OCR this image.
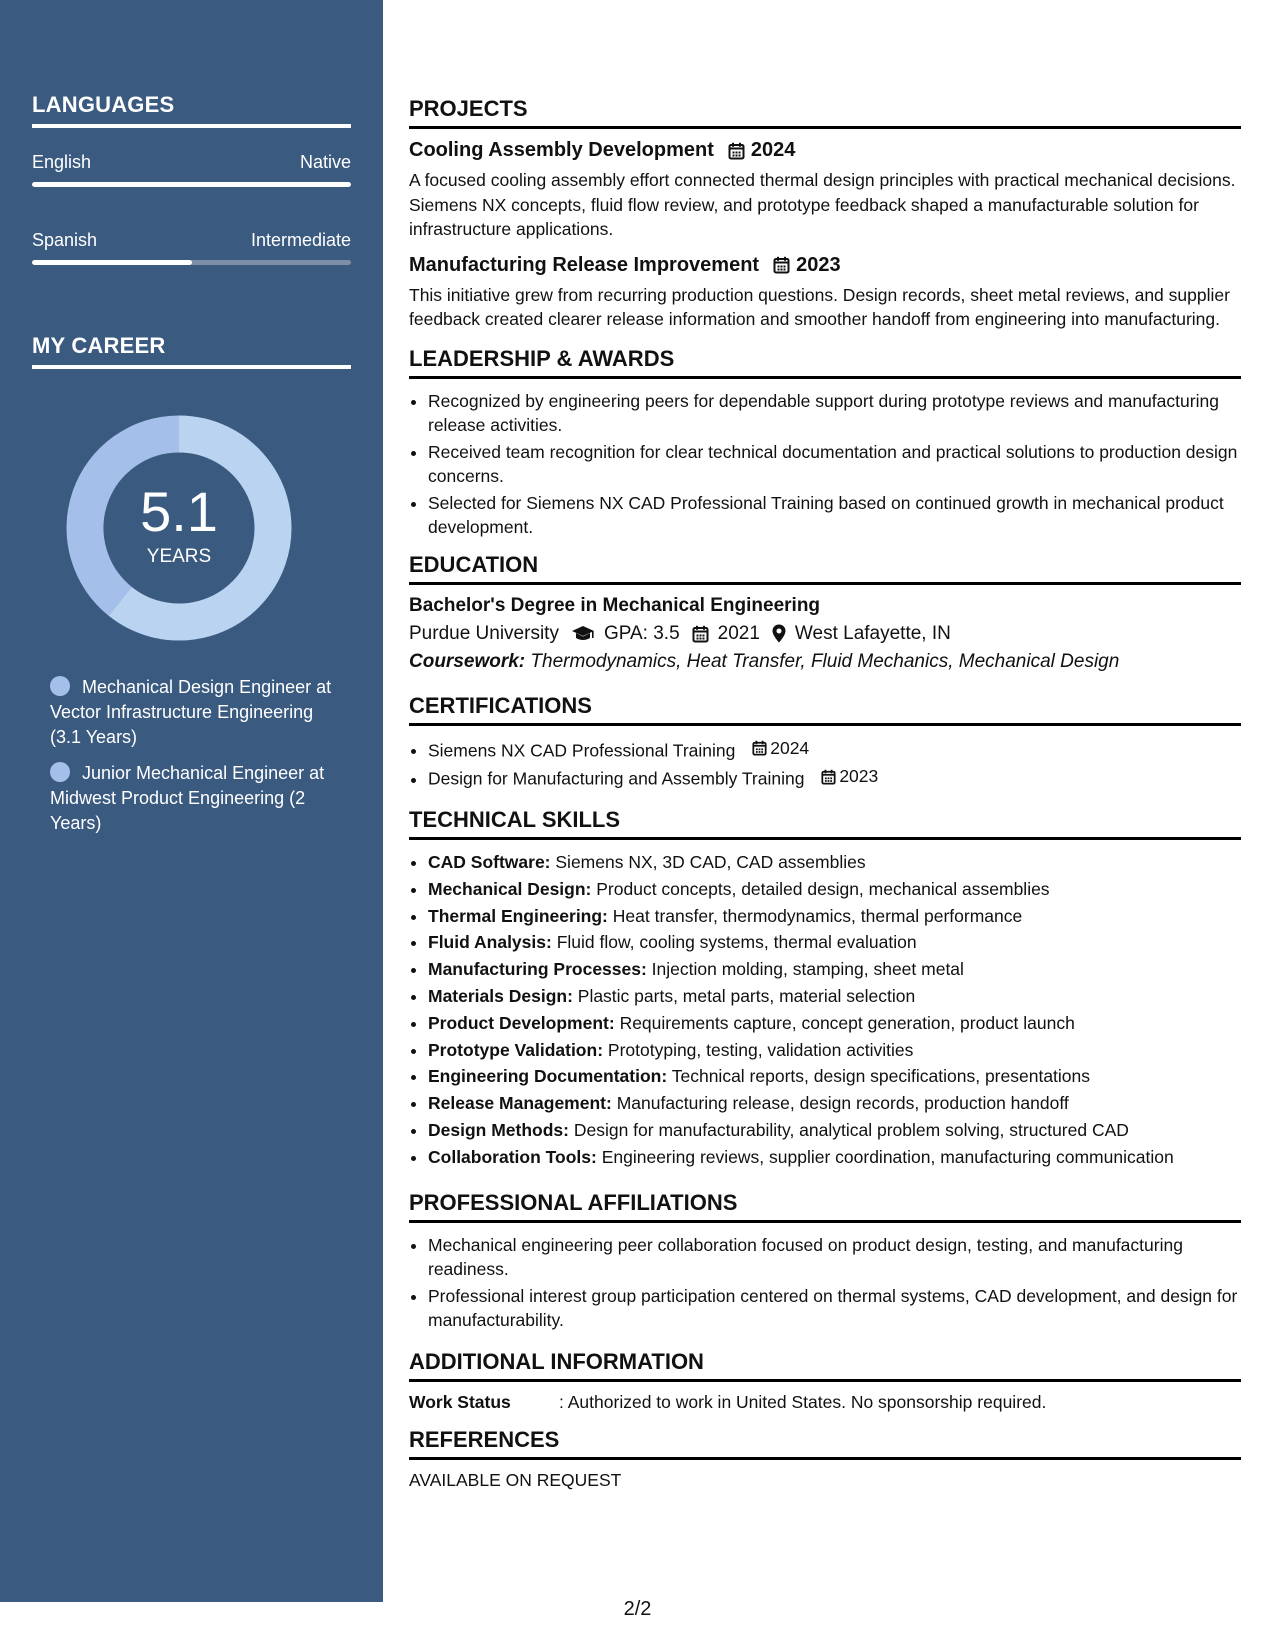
LANGUAGES
English	Native
Spanish	Intermediate
MY CAREER
5.1
YEARS
Mechanical Design Engineer at Vector Infrastructure Engineering (3.1 Years)
Junior Mechanical Engineer at Midwest Product Engineering (2 Years)
PROJECTS
Cooling Assembly Development 2024
A focused cooling assembly effort connected thermal design principles with practical mechanical decisions. Siemens NX concepts, fluid flow review, and prototype feedback shaped a manufacturable solution for infrastructure applications.
Manufacturing Release Improvement 2023
This initiative grew from recurring production questions. Design records, sheet metal reviews, and supplier feedback created clearer release information and smoother handoff from engineering into manufacturing.
LEADERSHIP & AWARDS
• Recognized by engineering peers for dependable support during prototype reviews and manufacturing release activities.
• Received team recognition for clear technical documentation and practical solutions to production design concerns.
• Selected for Siemens NX CAD Professional Training based on continued growth in mechanical product development.
EDUCATION
Bachelor's Degree in Mechanical Engineering
Purdue University GPA: 3.5 2021 West Lafayette, IN
Coursework: Thermodynamics, Heat Transfer, Fluid Mechanics, Mechanical Design
CERTIFICATIONS
• Siemens NX CAD Professional Training 2024
• Design for Manufacturing and Assembly Training 2023
TECHNICAL SKILLS
• CAD Software: Siemens NX, 3D CAD, CAD assemblies
• Mechanical Design: Product concepts, detailed design, mechanical assemblies
• Thermal Engineering: Heat transfer, thermodynamics, thermal performance
• Fluid Analysis: Fluid flow, cooling systems, thermal evaluation
• Manufacturing Processes: Injection molding, stamping, sheet metal
• Materials Design: Plastic parts, metal parts, material selection
• Product Development: Requirements capture, concept generation, product launch
• Prototype Validation: Prototyping, testing, validation activities
• Engineering Documentation: Technical reports, design specifications, presentations
• Release Management: Manufacturing release, design records, production handoff
• Design Methods: Design for manufacturability, analytical problem solving, structured CAD
• Collaboration Tools: Engineering reviews, supplier coordination, manufacturing communication
PROFESSIONAL AFFILIATIONS
• Mechanical engineering peer collaboration focused on product design, testing, and manufacturing readiness.
• Professional interest group participation centered on thermal systems, CAD development, and design for manufacturability.
ADDITIONAL INFORMATION
Work Status	: Authorized to work in United States. No sponsorship required.
REFERENCES
AVAILABLE ON REQUEST
2/2
